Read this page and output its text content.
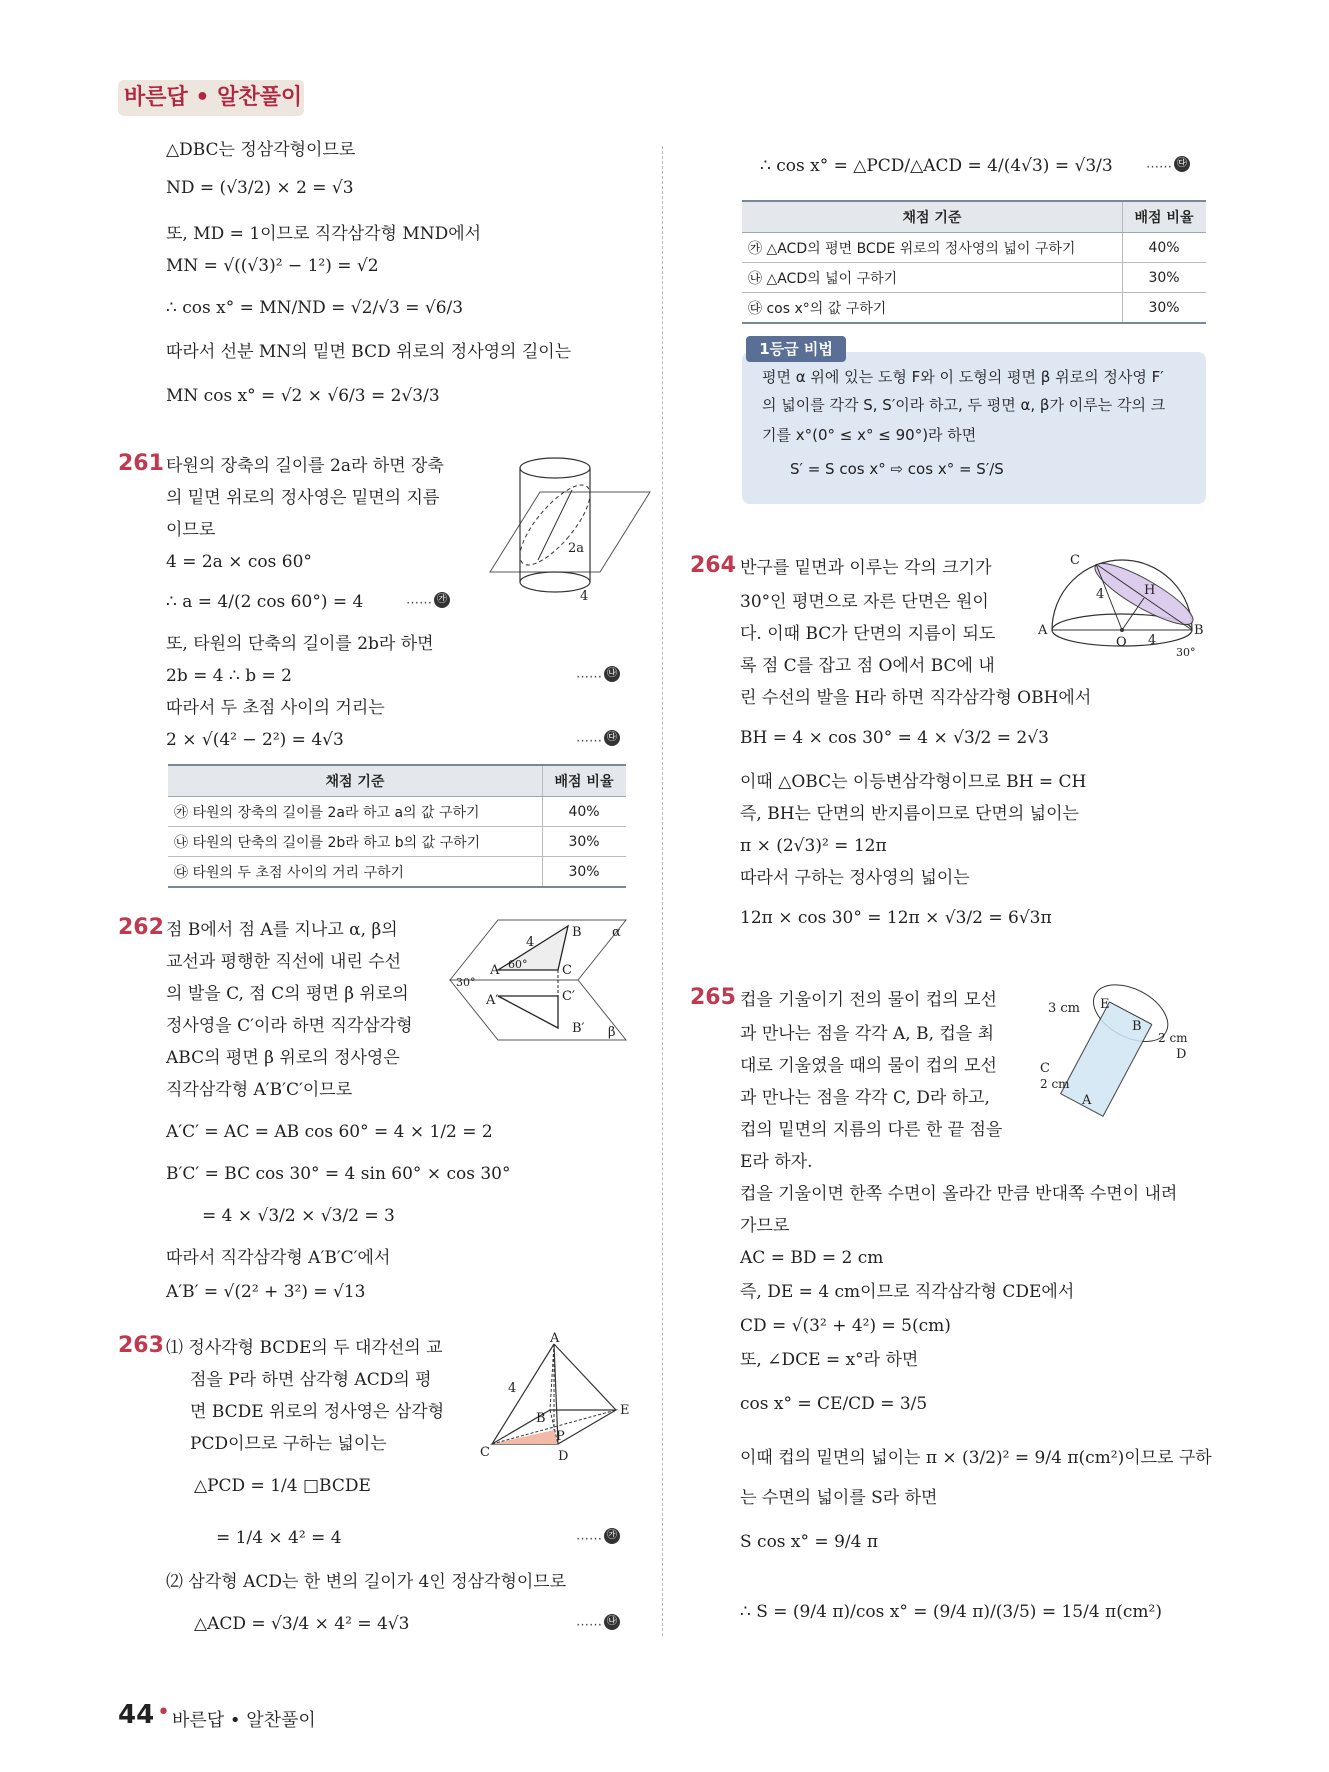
바른답 • 알찬풀이
△DBC는 정삼각형이므로
ND = (√3/2) × 2 = √3
또, MD = 1이므로 직각삼각형 MND에서
MN = √((√3)² − 1²) = √2
∴ cos x° = MN/ND = √2/√3 = √6/3
따라서 선분 MN의 밑면 BCD 위로의 정사영의 길이는
MN cos x° = √2 × √6/3 = 2√3/3
261 타원의 장축의 길이를 2a라 하면 장축
의 밑면 위로의 정사영은 밑면의 지름
이므로
4 = 2a × cos 60°
∴ a = 4/(2 cos 60°) = 4	…… ㉮
또, 타원의 단축의 길이를 2b라 하면
2b = 4 ∴ b = 2	…… ㉯
따라서 두 초점 사이의 거리는
2 × √(4² − 2²) = 4√3	…… ㉰
2a
4
채점 기준	배점 비율
㉮ 타원의 장축의 길이를 2a라 하고 a의 값 구하기	40%
㉯ 타원의 단축의 길이를 2b라 하고 b의 값 구하기	30%
㉰ 타원의 두 초점 사이의 거리 구하기	30%
262 점 B에서 점 A를 지나고 α, β의
교선과 평행한 직선에 내린 수선
의 발을 C, 점 C의 평면 β 위로의
정사영을 C′이라 하면 직각삼각형
ABC의 평면 β 위로의 정사영은
직각삼각형 A′B′C′이므로
A′C′ = AC = AB cos 60° = 4 × 1/2 = 2
B′C′ = BC cos 30° = 4 sin 60° × cos 30°
= 4 × √3/2 × √3/2 = 3
따라서 직각삼각형 A′B′C′에서
A′B′ = √(2² + 3²) = √13
B α
4
A 60°	C
30°
A′	C′
B′ β
263 ⑴ 정사각형 BCDE의 두 대각선의 교
점을 P라 하면 삼각형 ACD의 평
면 BCDE 위로의 정사영은 삼각형
PCD이므로 구하는 넓이는
△PCD = 1/4 □BCDE
= 1/4 × 4² = 4	…… ㉮
⑵ 삼각형 ACD는 한 변의 길이가 4인 정삼각형이므로
△ACD = √3/4 × 4² = 4√3	…… ㉯
A
4
E
B
P
C	D
∴ cos x° = △PCD/△ACD = 4/(4√3) = √3/3	…… ㉰
채점 기준	배점 비율
㉮ △ACD의 평면 BCDE 위로의 정사영의 넓이 구하기	40%
㉯ △ACD의 넓이 구하기	30%
㉰ cos x°의 값 구하기	30%
1등급 비법
평면 α 위에 있는 도형 F와 이 도형의 평면 β 위로의 정사영 F′
의 넓이를 각각 S, S′이라 하고, 두 평면 α, β가 이루는 각의 크
기를 x°(0° ≤ x° ≤ 90°)라 하면
S′ = S cos x° ⇨ cos x° = S′/S
264 반구를 밑면과 이루는 각의 크기가
30°인 평면으로 자른 단면은 원이
다. 이때 BC가 단면의 지름이 되도
록 점 C를 잡고 점 O에서 BC에 내
린 수선의 발을 H라 하면 직각삼각형 OBH에서
BH = 4 × cos 30° = 4 × √3/2 = 2√3
이때 △OBC는 이등변삼각형이므로 BH = CH
즉, BH는 단면의 반지름이므로 단면의 넓이는
π × (2√3)² = 12π
따라서 구하는 정사영의 넓이는
12π × cos 30° = 12π × √3/2 = 6√3π
C
4	H
A
O 4
B
30°
265 컵을 기울이기 전의 물이 컵의 모선
과 만나는 점을 각각 A, B, 컵을 최
대로 기울였을 때의 물이 컵의 모선
과 만나는 점을 각각 C, D라 하고,
컵의 밑면의 지름의 다른 한 끝 점을
E라 하자.
컵을 기울이면 한쪽 수면이 올라간 만큼 반대쪽 수면이 내려
가므로
AC = BD = 2 cm
즉, DE = 4 cm이므로 직각삼각형 CDE에서
CD = √(3² + 4²) = 5(cm)
또, ∠DCE = x°라 하면
cos x° = CE/CD = 3/5
이때 컵의 밑면의 넓이는 π × (3/2)² = 9/4 π(cm²)이므로 구하
는 수면의 넓이를 S라 하면
S cos x° = 9/4 π
∴ S = (9/4 π)/cos x° = (9/4 π)/(3/5) = 15/4 π(cm²)
3 cm E
B
2 cm
D
C
2 cm
A
44 • 바른답 • 알찬풀이
